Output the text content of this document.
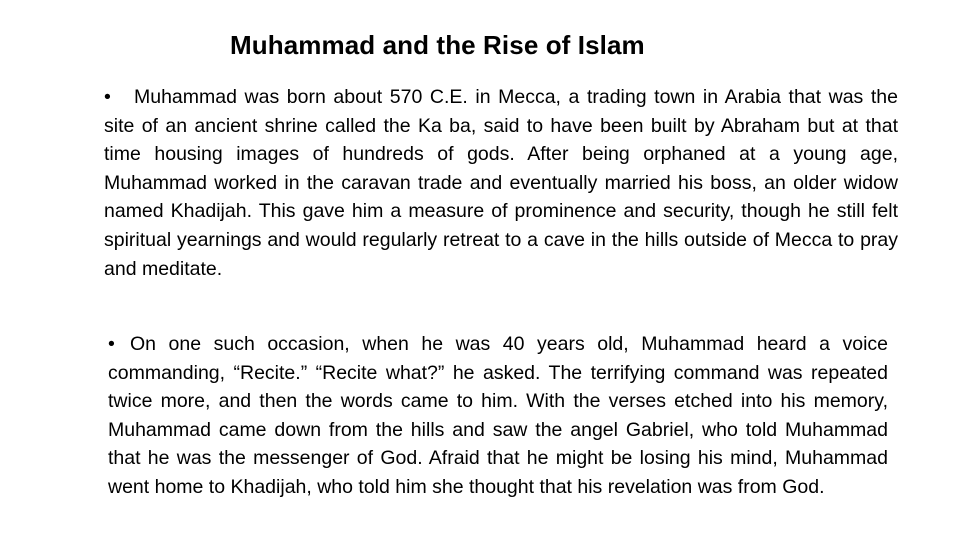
Muhammad and the Rise of Islam
• Muhammad was born about 570 C.E. in Mecca, a trading town in Arabia that was the site of an ancient shrine called the Ka ba, said to have been built by Abraham but at that time housing images of hundreds of gods. After being orphaned at a young age, Muhammad worked in the caravan trade and eventually married his boss, an older widow named Khadijah. This gave him a measure of prominence and security, though he still felt spiritual yearnings and would regularly retreat to a cave in the hills outside of Mecca to pray and meditate.
• On one such occasion, when he was 40 years old, Muhammad heard a voice commanding, “Recite.” “Recite what?” he asked. The terrifying command was repeated twice more, and then the words came to him. With the verses etched into his memory, Muhammad came down from the hills and saw the angel Gabriel, who told Muhammad that he was the messenger of God. Afraid that he might be losing his mind, Muhammad went home to Khadijah, who told him she thought that his revelation was from God.
